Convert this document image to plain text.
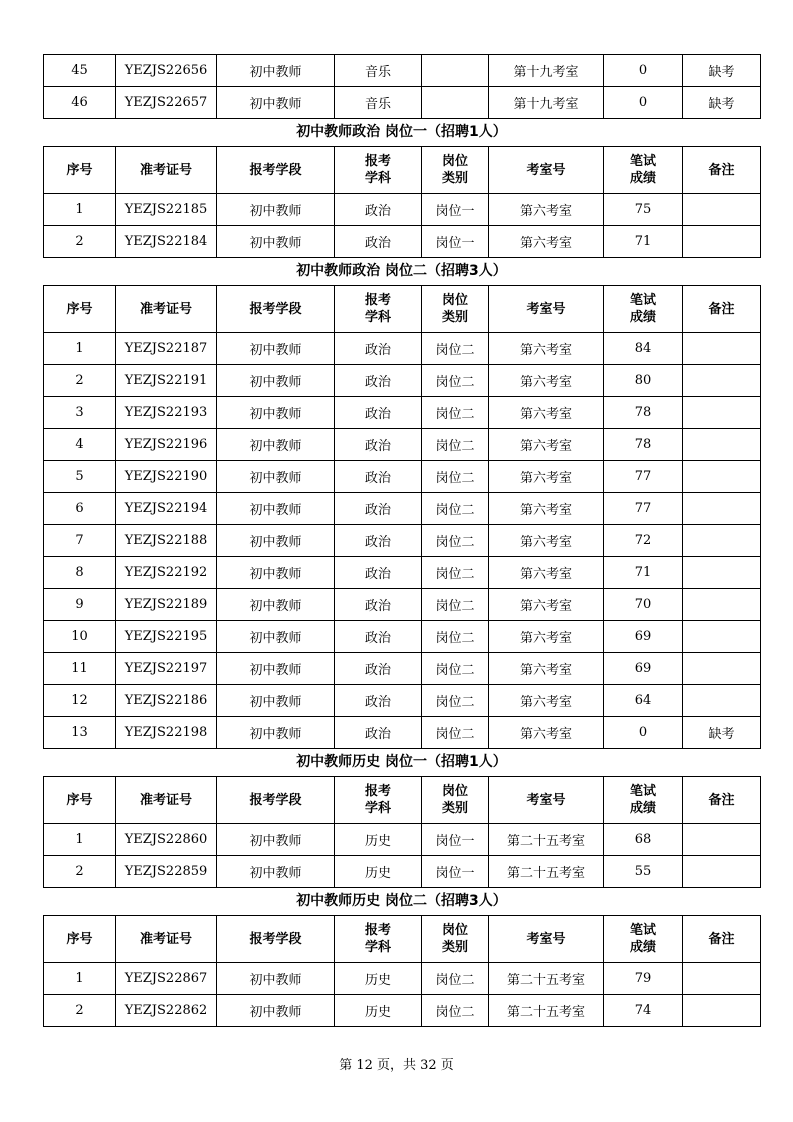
45	YEZJS22656	初中教师	音乐		第十九考室	0	缺考
46	YEZJS22657	初中教师	音乐		第十九考室	0	缺考
初中教师政治 岗位一（招聘1人）
序号	准考证号	报考学段	报考学科	岗位类别	考室号	笔试成绩	备注
1	YEZJS22185	初中教师	政治	岗位一	第六考室	75	
2	YEZJS22184	初中教师	政治	岗位一	第六考室	71	
初中教师政治 岗位二（招聘3人）
序号	准考证号	报考学段	报考学科	岗位类别	考室号	笔试成绩	备注
1	YEZJS22187	初中教师	政治	岗位二	第六考室	84	
2	YEZJS22191	初中教师	政治	岗位二	第六考室	80	
3	YEZJS22193	初中教师	政治	岗位二	第六考室	78	
4	YEZJS22196	初中教师	政治	岗位二	第六考室	78	
5	YEZJS22190	初中教师	政治	岗位二	第六考室	77	
6	YEZJS22194	初中教师	政治	岗位二	第六考室	77	
7	YEZJS22188	初中教师	政治	岗位二	第六考室	72	
8	YEZJS22192	初中教师	政治	岗位二	第六考室	71	
9	YEZJS22189	初中教师	政治	岗位二	第六考室	70	
10	YEZJS22195	初中教师	政治	岗位二	第六考室	69	
11	YEZJS22197	初中教师	政治	岗位二	第六考室	69	
12	YEZJS22186	初中教师	政治	岗位二	第六考室	64	
13	YEZJS22198	初中教师	政治	岗位二	第六考室	0	缺考
初中教师历史 岗位一（招聘1人）
序号	准考证号	报考学段	报考学科	岗位类别	考室号	笔试成绩	备注
1	YEZJS22860	初中教师	历史	岗位一	第二十五考室	68	
2	YEZJS22859	初中教师	历史	岗位一	第二十五考室	55	
初中教师历史 岗位二（招聘3人）
序号	准考证号	报考学段	报考学科	岗位类别	考室号	笔试成绩	备注
1	YEZJS22867	初中教师	历史	岗位二	第二十五考室	79	
2	YEZJS22862	初中教师	历史	岗位二	第二十五考室	74	
第 12 页，共 32 页
